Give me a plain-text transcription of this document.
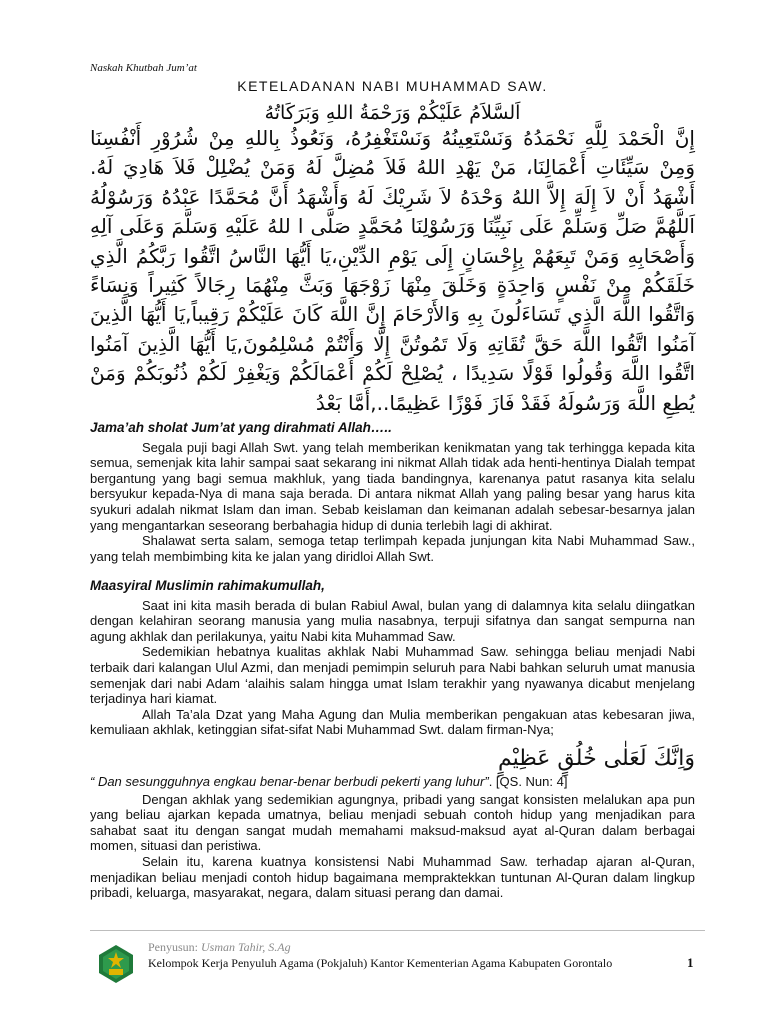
Naskah Khutbah Jum’at
KETELADANAN NABI MUHAMMAD SAW.
اَلسَّلاَمُ عَلَيْكُمْ وَرَحْمَةُ اللهِ وَبَرَكَاتُهُ
إِنَّ الْحَمْدَ لِلَّهِ نَحْمَدُهُ وَنَسْتَعِينُهُ وَنَسْتَغْفِرُهُ، وَنَعُوذُ بِاللهِ مِنْ شُرُوْرِ أَنْفُسِنَا
وَمِنْ سَيِّئَاتِ أَعْمَالِنَا، مَنْ يَهْدِ اللهُ فَلاَ مُضِلَّ لَهُ وَمَنْ يُضْلِلْ فَلاَ هَادِيَ لَهُ.
أَشْهَدُ أَنْ لاَ إِلَهَ إِلاَّ اللهُ وَحْدَهُ لاَ شَرِيْكَ لَهُ وَأَشْهَدُ أَنَّ مُحَمَّدًا عَبْدُهُ وَرَسُوْلُهُ
اَللَّهُمَّ صَلِّ وَسَلِّمْ عَلَى نَبِيِّنَا وَرَسُوْلِنَا مُحَمَّدٍ صَلَّى ا للهُ عَلَيْهِ وَسَلَّمَ وَعَلَى آلِهِ
وَأَصْحَابِهِ وَمَنْ تَبِعَهُمْ بِإِحْسَانٍ إِلَى يَوْمِ الدِّيْنِ،يَا أَيُّهَا النَّاسُ اتَّقُوا رَبَّكُمُ الَّذِي
خَلَقَكُمْ مِنْ نَفْسٍ وَاحِدَةٍ وَخَلَقَ مِنْهَا زَوْجَهَا وَبَثَّ مِنْهُمَا رِجَالاً كَثِيراً وَنِسَاءً
وَاتَّقُوا اللَّهَ الَّذِي تَسَاءَلُونَ بِهِ وَالأَرْحَامَ إِنَّ اللَّهَ كَانَ عَلَيْكُمْ رَقِيباً,يَا أَيُّهَا الَّذِينَ
آمَنُوا اتَّقُوا اللَّهَ حَقَّ تُقَاتِهِ وَلَا تَمُوتُنَّ إِلَّا وَأَنْتُمْ مُسْلِمُونَ,يَا أَيُّهَا الَّذِينَ آمَنُوا
اتَّقُوا اللَّهَ وَقُولُوا قَوْلًا سَدِيدًا ، يُصْلِحْ لَكُمْ أَعْمَالَكُمْ وَيَغْفِرْ لَكُمْ ذُنُوبَكُمْ وَمَنْ
يُطِعِ اللَّهَ وَرَسُولَهُ فَقَدْ فَازَ فَوْزًا عَظِيمًا..,أَمَّا بَعْدُ

Jama’ah sholat Jum’at yang dirahmati Allah…..

Segala puji bagi Allah Swt. yang telah memberikan kenikmatan yang tak terhingga kepada kita semua, semenjak kita lahir sampai saat sekarang ini nikmat Allah tidak ada henti-hentinya Dialah tempat bergantung yang bagi semua makhluk, yang tiada bandingnya, karenanya patut rasanya kita selalu bersyukur kepada-Nya di mana saja berada. Di antara nikmat Allah yang paling besar yang harus kita syukuri adalah nikmat Islam dan iman. Sebab keislaman dan keimanan adalah sebesar-besarnya jalan yang mengantarkan seseorang berbahagia hidup di dunia terlebih lagi di akhirat.

Shalawat serta salam, semoga tetap terlimpah kepada junjungan kita Nabi Muhammad Saw., yang telah membimbing kita ke jalan yang diridloi Allah Swt.

Maasyiral Muslimin rahimakumullah,

Saat ini kita masih berada di bulan Rabiul Awal, bulan yang di dalamnya kita selalu diingatkan dengan kelahiran seorang manusia yang mulia nasabnya, terpuji sifatnya dan sangat sempurna nan agung akhlak dan perilakunya, yaitu Nabi kita Muhammad Saw.

Sedemikian hebatnya kualitas akhlak Nabi Muhammad Saw. sehingga beliau menjadi Nabi terbaik dari kalangan Ulul Azmi, dan menjadi pemimpin seluruh para Nabi bahkan seluruh umat manusia semenjak dari nabi Adam ‘alaihis salam hingga umat Islam terakhir yang nyawanya dicabut menjelang terjadinya hari kiamat.

Allah Ta’ala Dzat yang Maha Agung dan Mulia memberikan pengakuan atas kebesaran jiwa, kemuliaan akhlak, ketinggian sifat-sifat Nabi Muhammad Swt. dalam firman-Nya;

وَاِنَّكَ لَعَلٰى خُلُقٍ عَظِيْمٍ

“ Dan sesungguhnya engkau benar-benar berbudi pekerti yang luhur”. [QS. Nun: 4]

Dengan akhlak yang sedemikian agungnya, pribadi yang sangat konsisten melalukan apa pun yang beliau ajarkan kepada umatnya, beliau menjadi sebuah contoh hidup yang menjadikan para sahabat saat itu dengan sangat mudah memahami maksud-maksud ayat al-Quran dalam berbagai momen, situasi dan peristiwa.

Selain itu, karena kuatnya konsistensi Nabi Muhammad Saw. terhadap ajaran al-Quran, menjadikan beliau menjadi contoh hidup bagaimana mempraktekkan tuntunan Al-Quran dalam lingkup pribadi, keluarga, masyarakat, negara, dalam situasi perang dan damai.

Penyusun: Usman Tahir, S.Ag
Kelompok Kerja Penyuluh Agama (Pokjaluh) Kantor Kementerian Agama Kabupaten Gorontalo	1
